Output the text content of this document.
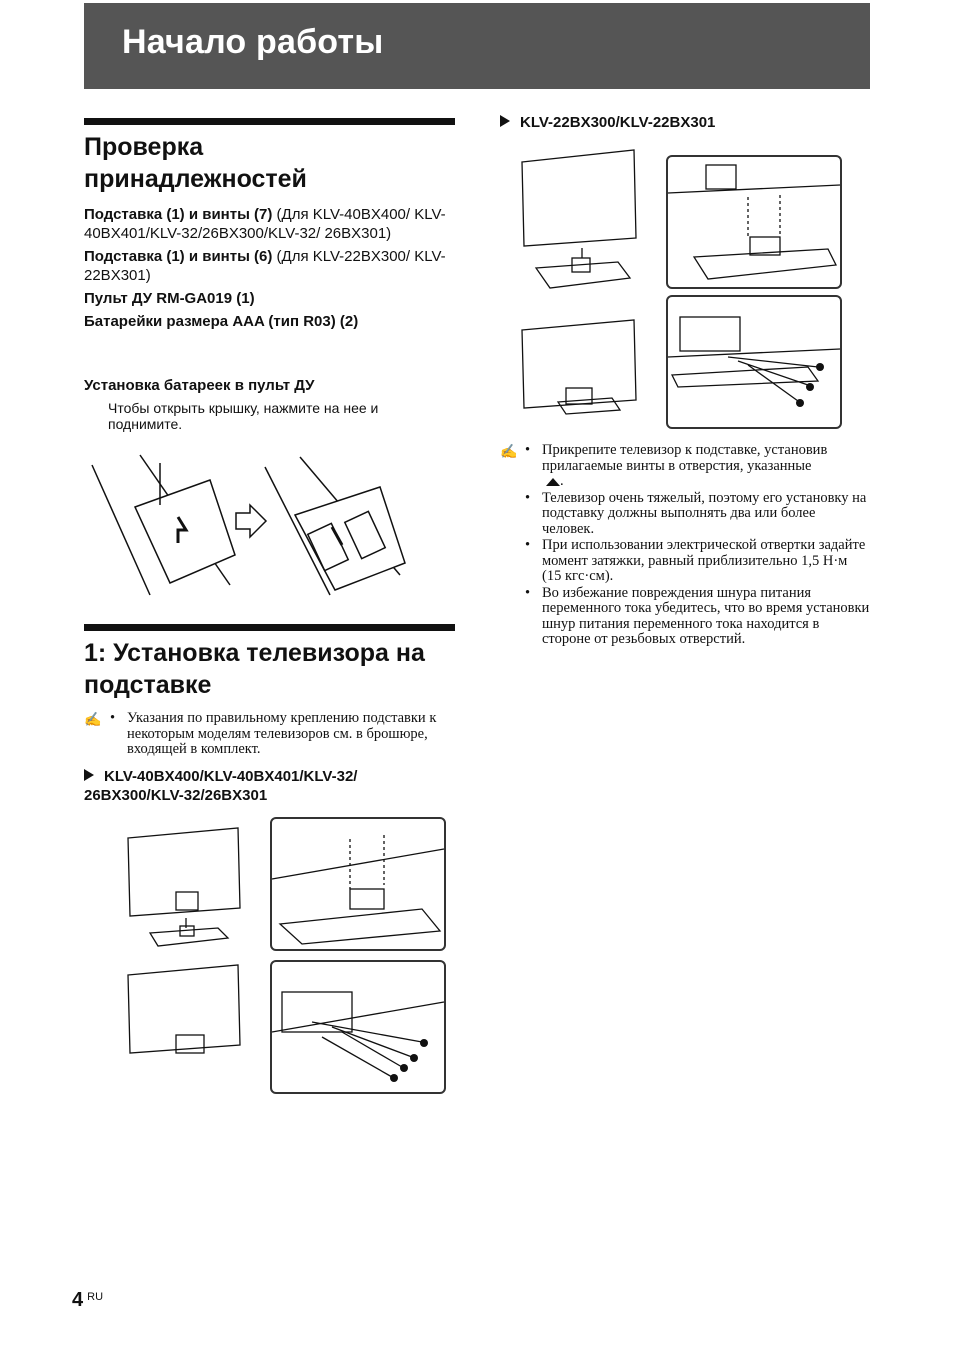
Начало работы
Проверка принадлежностей

Подставка (1) и винты (7) (Для KLV-40BX400/ KLV-40BX401/KLV-32/26BX300/KLV-32/ 26BX301)

Подставка (1) и винты (6) (Для KLV-22BX300/ KLV-22BX301)

Пульт ДУ RM-GA019 (1)

Батарейки размера AAA (тип R03) (2)

Установка батареек в пульт ДУ
Чтобы открыть крышку, нажмите на нее и поднимите.
1: Установка телевизора на подставке
✍	• Указания по правильному креплению подставки к некоторым моделям телевизоров см. в брошюре, входящей в комплект.
KLV-40BX400/KLV-40BX401/KLV-32/ 26BX300/KLV-32/26BX301
KLV-22BX300/KLV-22BX301
✍	• Прикрепите телевизор к подставке, установив прилагаемые винты в отверстия, указанные
.
• Телевизор очень тяжелый, поэтому его установку на подставку должны выполнять два или более человек.
• При использовании электрической отвертки задайте момент затяжки, равный приблизительно 1,5 Н·м (15 кгс·см).
• Во избежание повреждения шнура питания переменного тока убедитесь, что во время установки шнур питания переменного тока находится в стороне от резьбовых отверстий.
4 $^{RU}$
